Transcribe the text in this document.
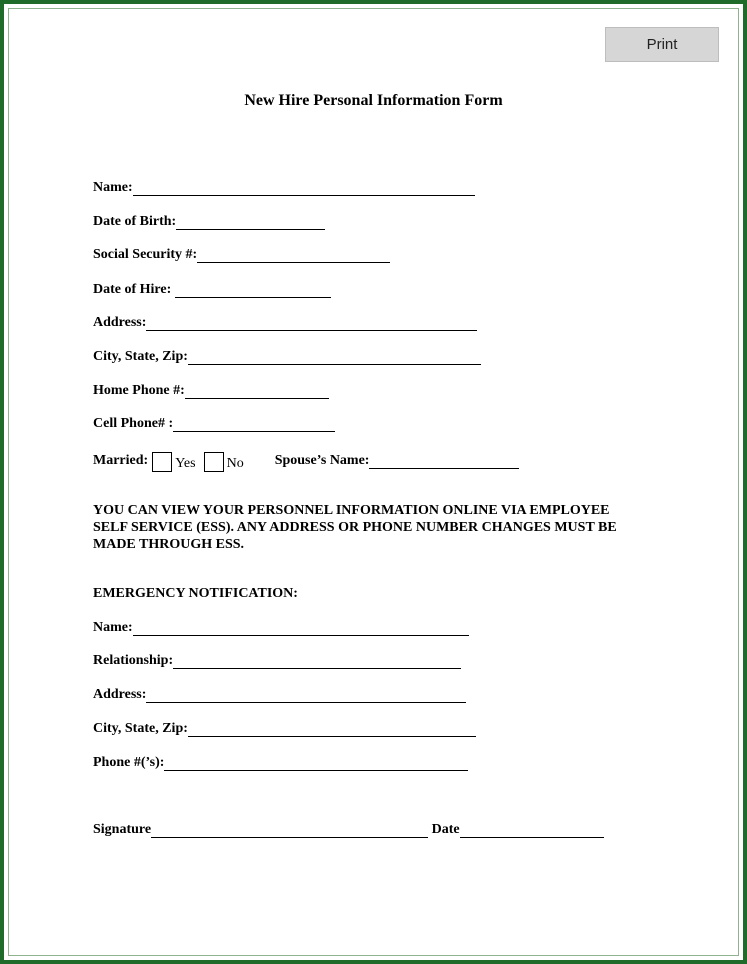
Print
New Hire Personal Information Form
Name:
Date of Birth:
Social Security #:
Date of Hire:
Address:
City, State, Zip:
Home Phone #:
Cell Phone# :
Married: Yes No Spouse’s Name:
YOU CAN VIEW YOUR PERSONNEL INFORMATION ONLINE VIA EMPLOYEE SELF SERVICE (ESS). ANY ADDRESS OR PHONE NUMBER CHANGES MUST BE MADE THROUGH ESS.
EMERGENCY NOTIFICATION:
Name:
Relationship:
Address:
City, State, Zip:
Phone #(’s):
Signature	Date
